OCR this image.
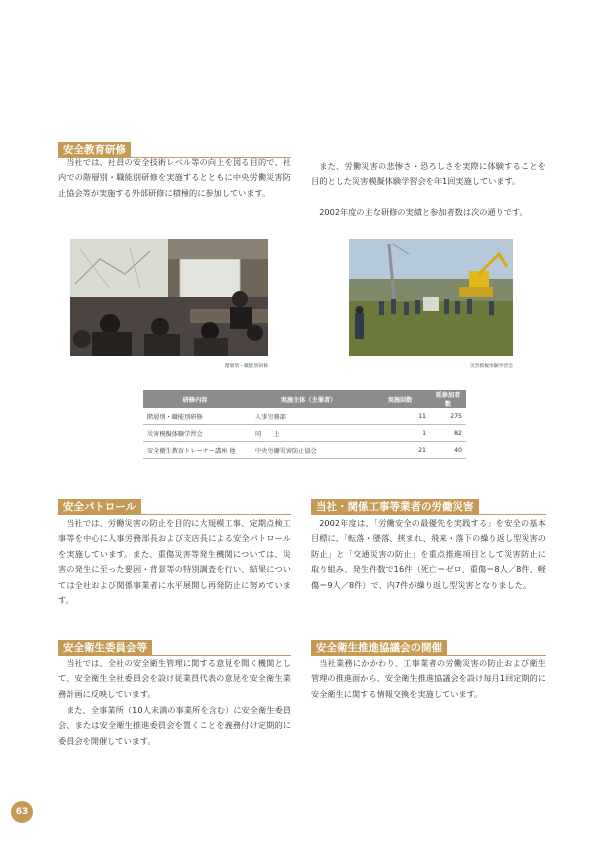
安全教育研修

当社では、社員の安全技術レベル等の向上を図る目的で、社内での階層別・職能別研修を実施するとともに中央労働災害防止協会等が実施する外部研修に積極的に参加しています。

また、労働災害の悲惨さ・恐ろしさを実際に体験することを目的とした災害模擬体験学習会を年1回実施しています。

2002年度の主な研修の実績と参加者数は次の通りです。

階層別・職能別研修	災害模擬体験学習会
研修内容	実施主体（主催者）	実施回数	延参加者数
階層別・職能別研修	人事労務部	11	275
災害模擬体験学習会	同　　上	1	82
安全衛生教育トレーナー講座 他	中央労働災害防止協会	21	40
安全パトロール

当社では、労働災害の防止を目的に大規模工事、定期点検工事等を中心に人事労務部長および支店長による安全パトロールを実施しています。また、重傷災害等発生機関については、災害の発生に至った要因・背景等の特別調査を行い、結果については全社および関係事業者に水平展開し再発防止に努めています。

当社・関係工事等業者の労働災害

2002年度は、「労働安全の最優先を実践する」を安全の基本目標に、「転落・墜落、挟まれ、飛来・落下の繰り返し型災害の防止」と「交通災害の防止」を重点推進項目として災害防止に取り組み、発生件数で16件（死亡＝ゼロ、重傷＝8人／8件、軽傷＝9人／8件）で、内7件が繰り返し型災害となりました。

安全衛生委員会等

当社では、全社の安全衛生管理に関する意見を聞く機関として、安全衛生全社委員会を設け従業員代表の意見を安全衛生業務計画に反映しています。

また、全事業所（10人未満の事業所を含む）に安全衛生委員会、または安全衛生推進委員会を置くことを義務付け定期的に委員会を開催しています。

安全衛生推進協議会の開催

当社業務にかかわり、工事業者の労働災害の防止および衛生管理の推進面から、安全衛生推進協議会を設け毎月1回定期的に安全衛生に関する情報交換を実施しています。

63
